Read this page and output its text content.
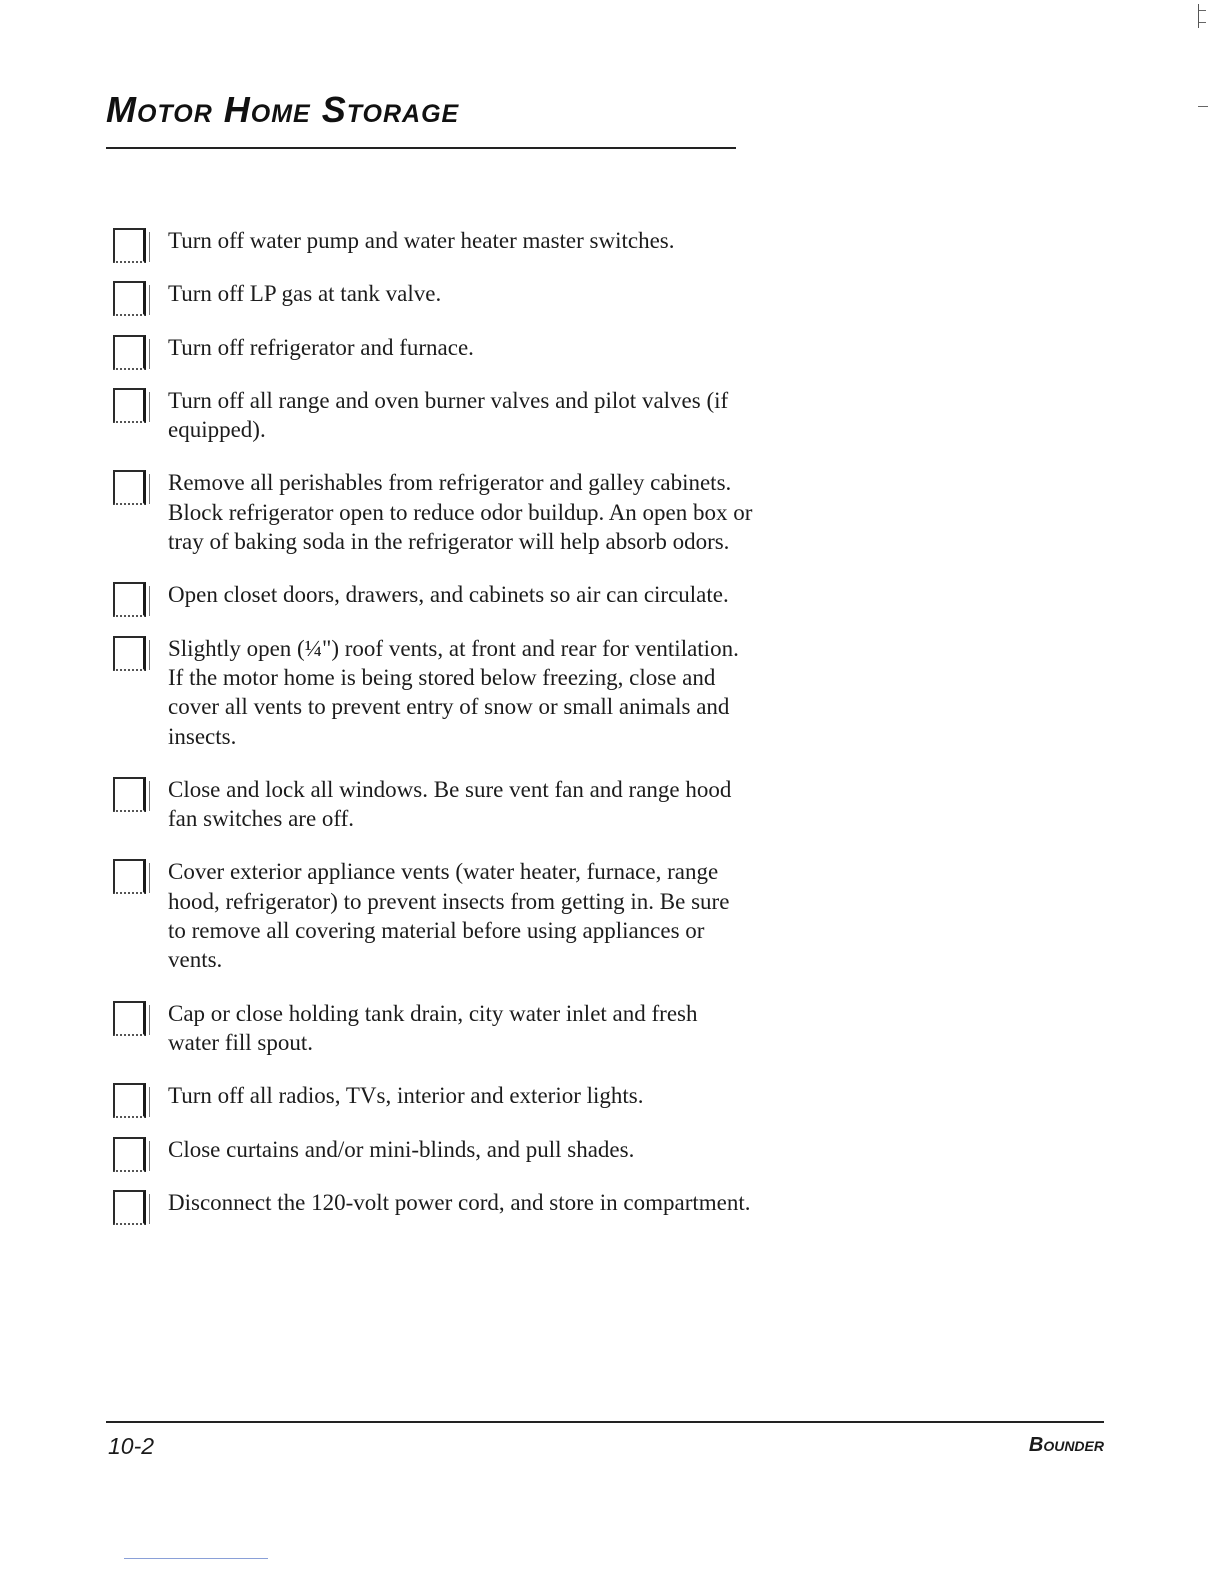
Motor Home Storage
Turn off water pump and water heater master switches.
Turn off LP gas at tank valve.
Turn off refrigerator and furnace.
Turn off all range and oven burner valves and pilot valves (if equipped).
Remove all perishables from refrigerator and galley cabinets. Block refrigerator open to reduce odor buildup. An open box or tray of baking soda in the refrigerator will help absorb odors.
Open closet doors, drawers, and cabinets so air can circulate.
Slightly open (¼") roof vents, at front and rear for ventilation. If the motor home is being stored below freezing, close and cover all vents to prevent entry of snow or small animals and insects.
Close and lock all windows. Be sure vent fan and range hood fan switches are off.
Cover exterior appliance vents (water heater, furnace, range hood, refrigerator) to prevent insects from getting in. Be sure to remove all covering material before using appliances or vents.
Cap or close holding tank drain, city water inlet and fresh water fill spout.
Turn off all radios, TVs, interior and exterior lights.
Close curtains and/or mini-blinds, and pull shades.
Disconnect the 120-volt power cord, and store in compartment.
10-2	Bounder
